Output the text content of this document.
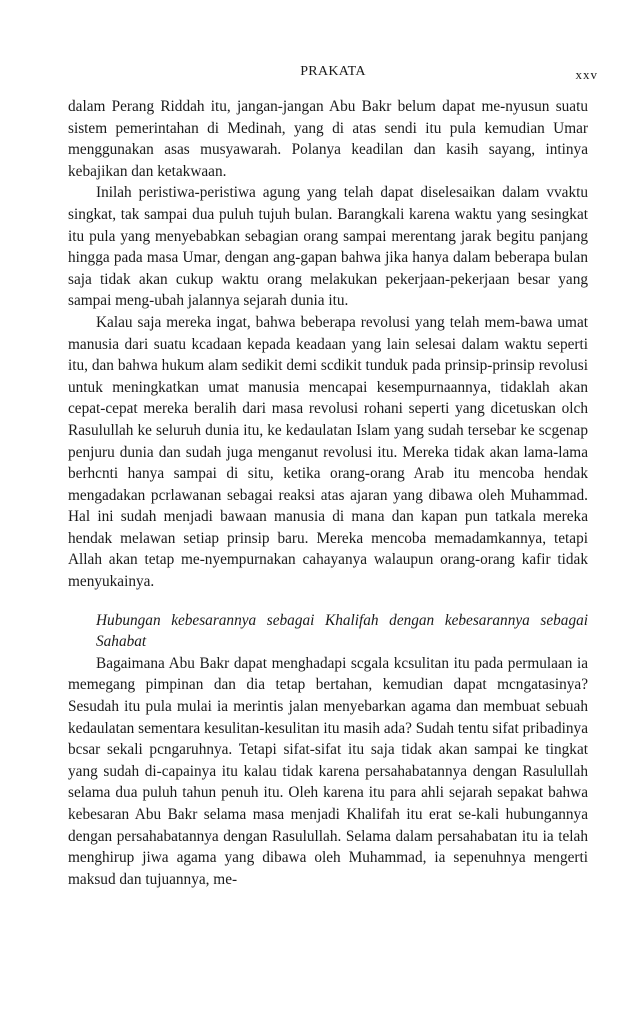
PRAKATA	xxv

dalam Perang Riddah itu, jangan-jangan Abu Bakr belum dapat me-nyusun suatu sistem pemerintahan di Medinah, yang di atas sendi itu pula kemudian Umar menggunakan asas musyawarah. Polanya keadilan dan kasih sayang, intinya kebajikan dan ketakwaan.

Inilah peristiwa-peristiwa agung yang telah dapat diselesaikan dalam vvaktu singkat, tak sampai dua puluh tujuh bulan. Barangkali karena waktu yang sesingkat itu pula yang menyebabkan sebagian orang sampai merentang jarak begitu panjang hingga pada masa Umar, dengan ang-gapan bahwa jika hanya dalam beberapa bulan saja tidak akan cukup waktu orang melakukan pekerjaan-pekerjaan besar yang sampai meng-ubah jalannya sejarah dunia itu.

Kalau saja mereka ingat, bahwa beberapa revolusi yang telah mem-bawa umat manusia dari suatu kcadaan kepada keadaan yang lain selesai dalam waktu seperti itu, dan bahwa hukum alam sedikit demi scdikit tunduk pada prinsip-prinsip revolusi untuk meningkatkan umat manusia mencapai kesempurnaannya, tidaklah akan cepat-cepat mereka beralih dari masa revolusi rohani seperti yang dicetuskan olch Rasulullah ke seluruh dunia itu, ke kedaulatan Islam yang sudah tersebar ke scgenap penjuru dunia dan sudah juga menganut revolusi itu. Mereka tidak akan lama-lama berhcnti hanya sampai di situ, ketika orang-orang Arab itu mencoba hendak mengadakan pcrlawanan sebagai reaksi atas ajaran yang dibawa oleh Muhammad. Hal ini sudah menjadi bawaan manusia di mana dan kapan pun tatkala mereka hendak melawan setiap prinsip baru. Mereka mencoba memadamkannya, tetapi Allah akan tetap me-nyempurnakan cahayanya walaupun orang-orang kafir tidak menyukainya.

Hubungan kebesarannya sebagai Khalifah dengan kebesarannya sebagai Sahabat

Bagaimana Abu Bakr dapat menghadapi scgala kcsulitan itu pada permulaan ia memegang pimpinan dan dia tetap bertahan, kemudian dapat mcngatasinya? Sesudah itu pula mulai ia merintis jalan menyebarkan agama dan membuat sebuah kedaulatan sementara kesulitan-kesulitan itu masih ada? Sudah tentu sifat pribadinya bcsar sekali pcngaruhnya. Tetapi sifat-sifat itu saja tidak akan sampai ke tingkat yang sudah di-capainya itu kalau tidak karena persahabatannya dengan Rasulullah selama dua puluh tahun penuh itu. Oleh karena itu para ahli sejarah sepakat bahwa kebesaran Abu Bakr selama masa menjadi Khalifah itu erat se-kali hubungannya dengan persahabatannya dengan Rasulullah. Selama dalam persahabatan itu ia telah menghirup jiwa agama yang dibawa oleh Muhammad, ia sepenuhnya mengerti maksud dan tujuannya, me-
